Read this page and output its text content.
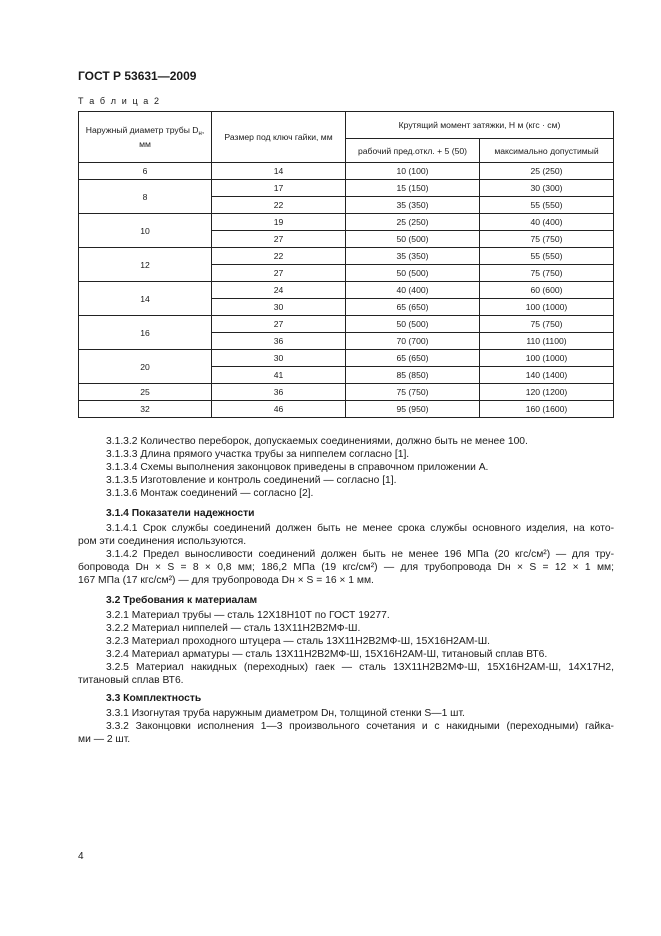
ГОСТ Р 53631—2009
Т а б л и ц а 2
Наружный диаметр трубы $D_н$, мм	Размер под ключ гайки, мм	Крутящий момент затяжки, Н м (кгс · см)	
		рабочий пред.откл. + 5 (50)	максимально допустимый
6	14	10 (100)	25 (250)
8	17	15 (150)	30 (300)
	22	35 (350)	55 (550)
10	19	25 (250)	40 (400)
	27	50 (500)	75 (750)
12	22	35 (350)	55 (550)
	27	50 (500)	75 (750)
14	24	40 (400)	60 (600)
	30	65 (650)	100 (1000)
16	27	50 (500)	75 (750)
	36	70 (700)	110 (1100)
20	30	65 (650)	100 (1000)
	41	85 (850)	140 (1400)
25	36	75 (750)	120 (1200)
32	46	95 (950)	160 (1600)
3.1.3.2 Количество переборок, допускаемых соединениями, должно быть не менее 100.
3.1.3.3 Длина прямого участка трубы за ниппелем согласно [1].
3.1.3.4 Схемы выполнения законцовок приведены в справочном приложении А.
3.1.3.5 Изготовление и контроль соединений — согласно [1].
3.1.3.6 Монтаж соединений — согласно [2].
3.1.4 Показатели надежности
3.1.4.1 Срок службы соединений должен быть не менее срока службы основного изделия, на кото-
ром эти соединения используются.
3.1.4.2 Предел выносливости соединений должен быть не менее 196 МПа (20 кгс/см²) — для тру-
бопровода Dн × S = 8 × 0,8 мм; 186,2 МПа (19 кгс/см²) — для трубопровода Dн × S = 12 × 1 мм;
167 МПа (17 кгс/см²) — для трубопровода Dн × S = 16 × 1 мм.
3.2 Требования к материалам
3.2.1 Материал трубы — сталь 12Х18Н10Т по ГОСТ 19277.
3.2.2 Материал ниппелей — сталь 13Х11Н2В2МФ-Ш.
3.2.3 Материал проходного штуцера — сталь 13Х11Н2В2МФ-Ш, 15Х16Н2АМ-Ш.
3.2.4 Материал арматуры — сталь 13Х11Н2В2МФ-Ш, 15Х16Н2АМ-Ш, титановый сплав ВТ6.
3.2.5 Материал накидных (переходных) гаек — сталь 13Х11Н2В2МФ-Ш, 15Х16Н2АМ-Ш, 14Х17Н2,
титановый сплав ВТ6.
3.3 Комплектность
3.3.1 Изогнутая труба наружным диаметром Dн, толщиной стенки S—1 шт.
3.3.2 Законцовки исполнения 1—3 произвольного сочетания и с накидными (переходными) гайка-
ми — 2 шт.
4
